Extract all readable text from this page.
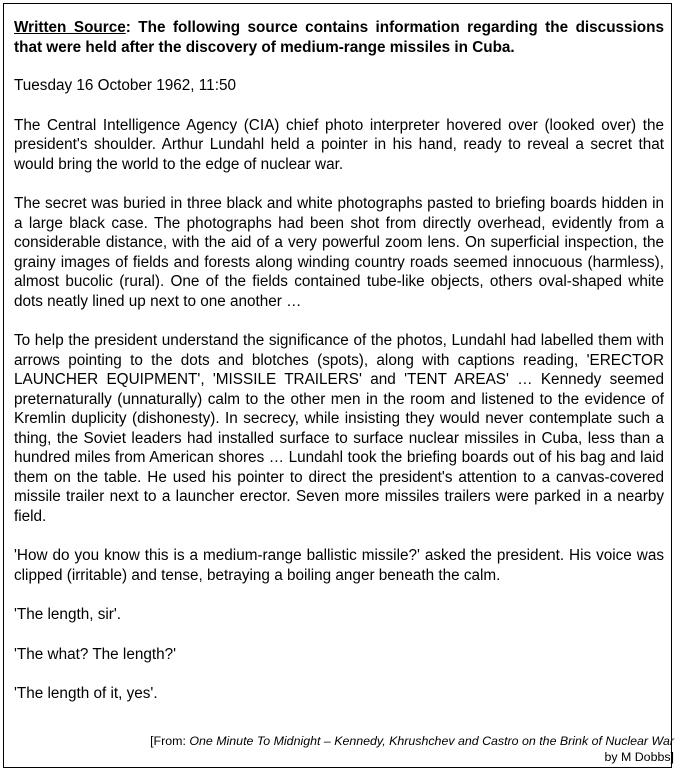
Written Source: The following source contains information regarding the discussions that were held after the discovery of medium-range missiles in Cuba.

Tuesday 16 October 1962, 11:50

The Central Intelligence Agency (CIA) chief photo interpreter hovered over (looked over) the president's shoulder. Arthur Lundahl held a pointer in his hand, ready to reveal a secret that would bring the world to the edge of nuclear war.

The secret was buried in three black and white photographs pasted to briefing boards hidden in a large black case. The photographs had been shot from directly overhead, evidently from a considerable distance, with the aid of a very powerful zoom lens. On superficial inspection, the grainy images of fields and forests along winding country roads seemed innocuous (harmless), almost bucolic (rural). One of the fields contained tube-like objects, others oval-shaped white dots neatly lined up next to one another …

To help the president understand the significance of the photos, Lundahl had labelled them with arrows pointing to the dots and blotches (spots), along with captions reading, 'ERECTOR LAUNCHER EQUIPMENT', 'MISSILE TRAILERS' and 'TENT AREAS' … Kennedy seemed preternaturally (unnaturally) calm to the other men in the room and listened to the evidence of Kremlin duplicity (dishonesty). In secrecy, while insisting they would never contemplate such a thing, the Soviet leaders had installed surface to surface nuclear missiles in Cuba, less than a hundred miles from American shores … Lundahl took the briefing boards out of his bag and laid them on the table. He used his pointer to direct the president's attention to a canvas-covered missile trailer next to a launcher erector. Seven more missiles trailers were parked in a nearby field.

'How do you know this is a medium-range ballistic missile?' asked the president. His voice was clipped (irritable) and tense, betraying a boiling anger beneath the calm.

'The length, sir'.

'The what? The length?'

'The length of it, yes'.

[From: One Minute To Midnight – Kennedy, Khrushchev and Castro on the Brink of Nuclear War
by M Dobbs]
